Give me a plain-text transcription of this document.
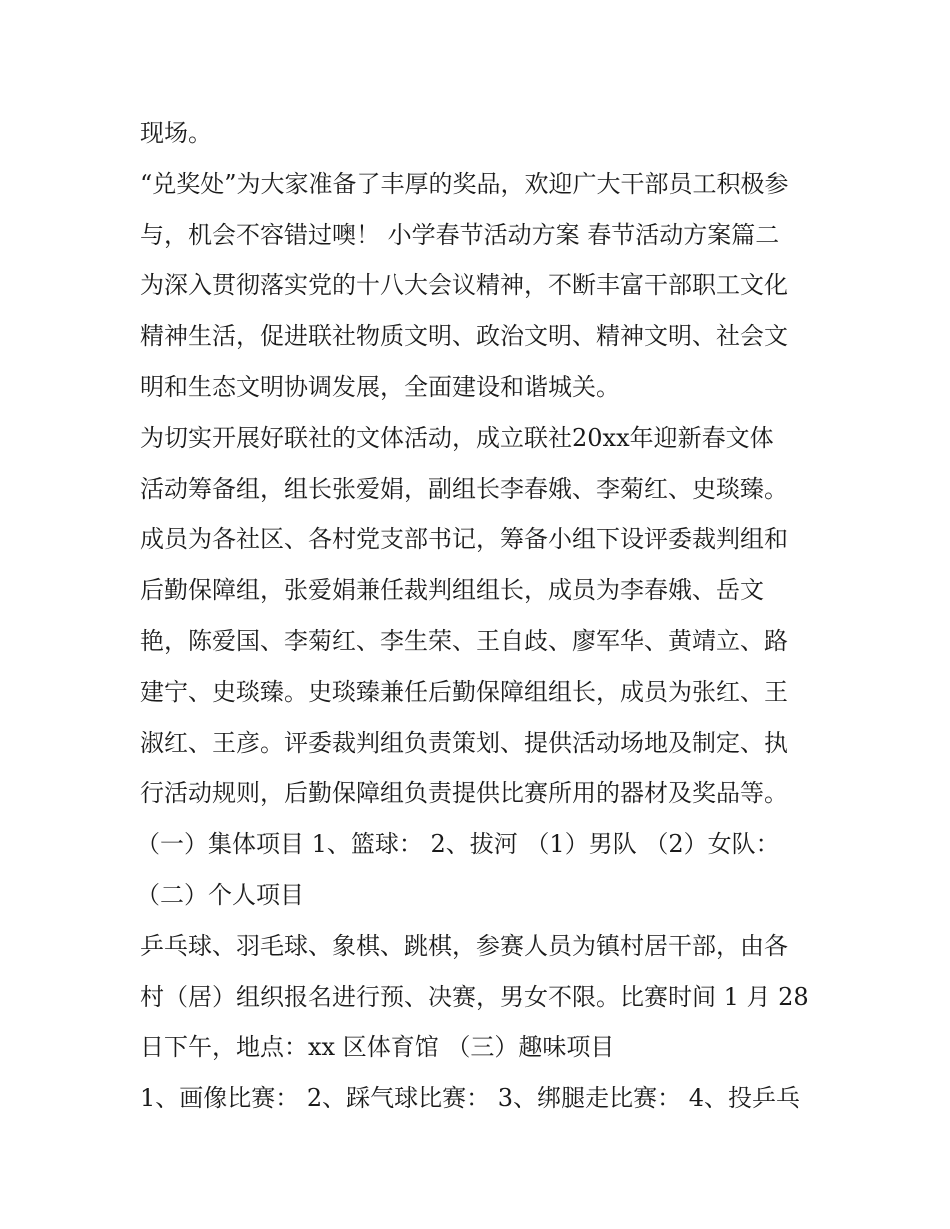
现场。
“兑奖处”为大家准备了丰厚的奖品，欢迎广大干部员工积极参
与，机会不容错过噢！ 小学春节活动方案 春节活动方案篇二
为深入贯彻落实党的十八大会议精神，不断丰富干部职工文化
精神生活，促进联社物质文明、政治文明、精神文明、社会文
明和生态文明协调发展，全面建设和谐城关。
为切实开展好联社的文体活动，成立联社20xx年迎新春文体
活动筹备组，组长张爱娟，副组长李春娥、李菊红、史琰臻。
成员为各社区、各村党支部书记，筹备小组下设评委裁判组和
后勤保障组，张爱娟兼任裁判组组长，成员为李春娥、岳文
艳，陈爱国、李菊红、李生荣、王自歧、廖军华、黄靖立、路
建宁、史琰臻。史琰臻兼任后勤保障组组长，成员为张红、王
淑红、王彦。评委裁判组负责策划、提供活动场地及制定、执
行活动规则，后勤保障组负责提供比赛所用的器材及奖品等。
（一）集体项目 1、篮球： 2、拔河 （1）男队 （2）女队：
（二）个人项目
乒乓球、羽毛球、象棋、跳棋，参赛人员为镇村居干部，由各
村（居）组织报名进行预、决赛，男女不限。比赛时间 1 月 28
日下午，地点：xx 区体育馆 （三）趣味项目
1、画像比赛： 2、踩气球比赛： 3、绑腿走比赛： 4、投乒乓
